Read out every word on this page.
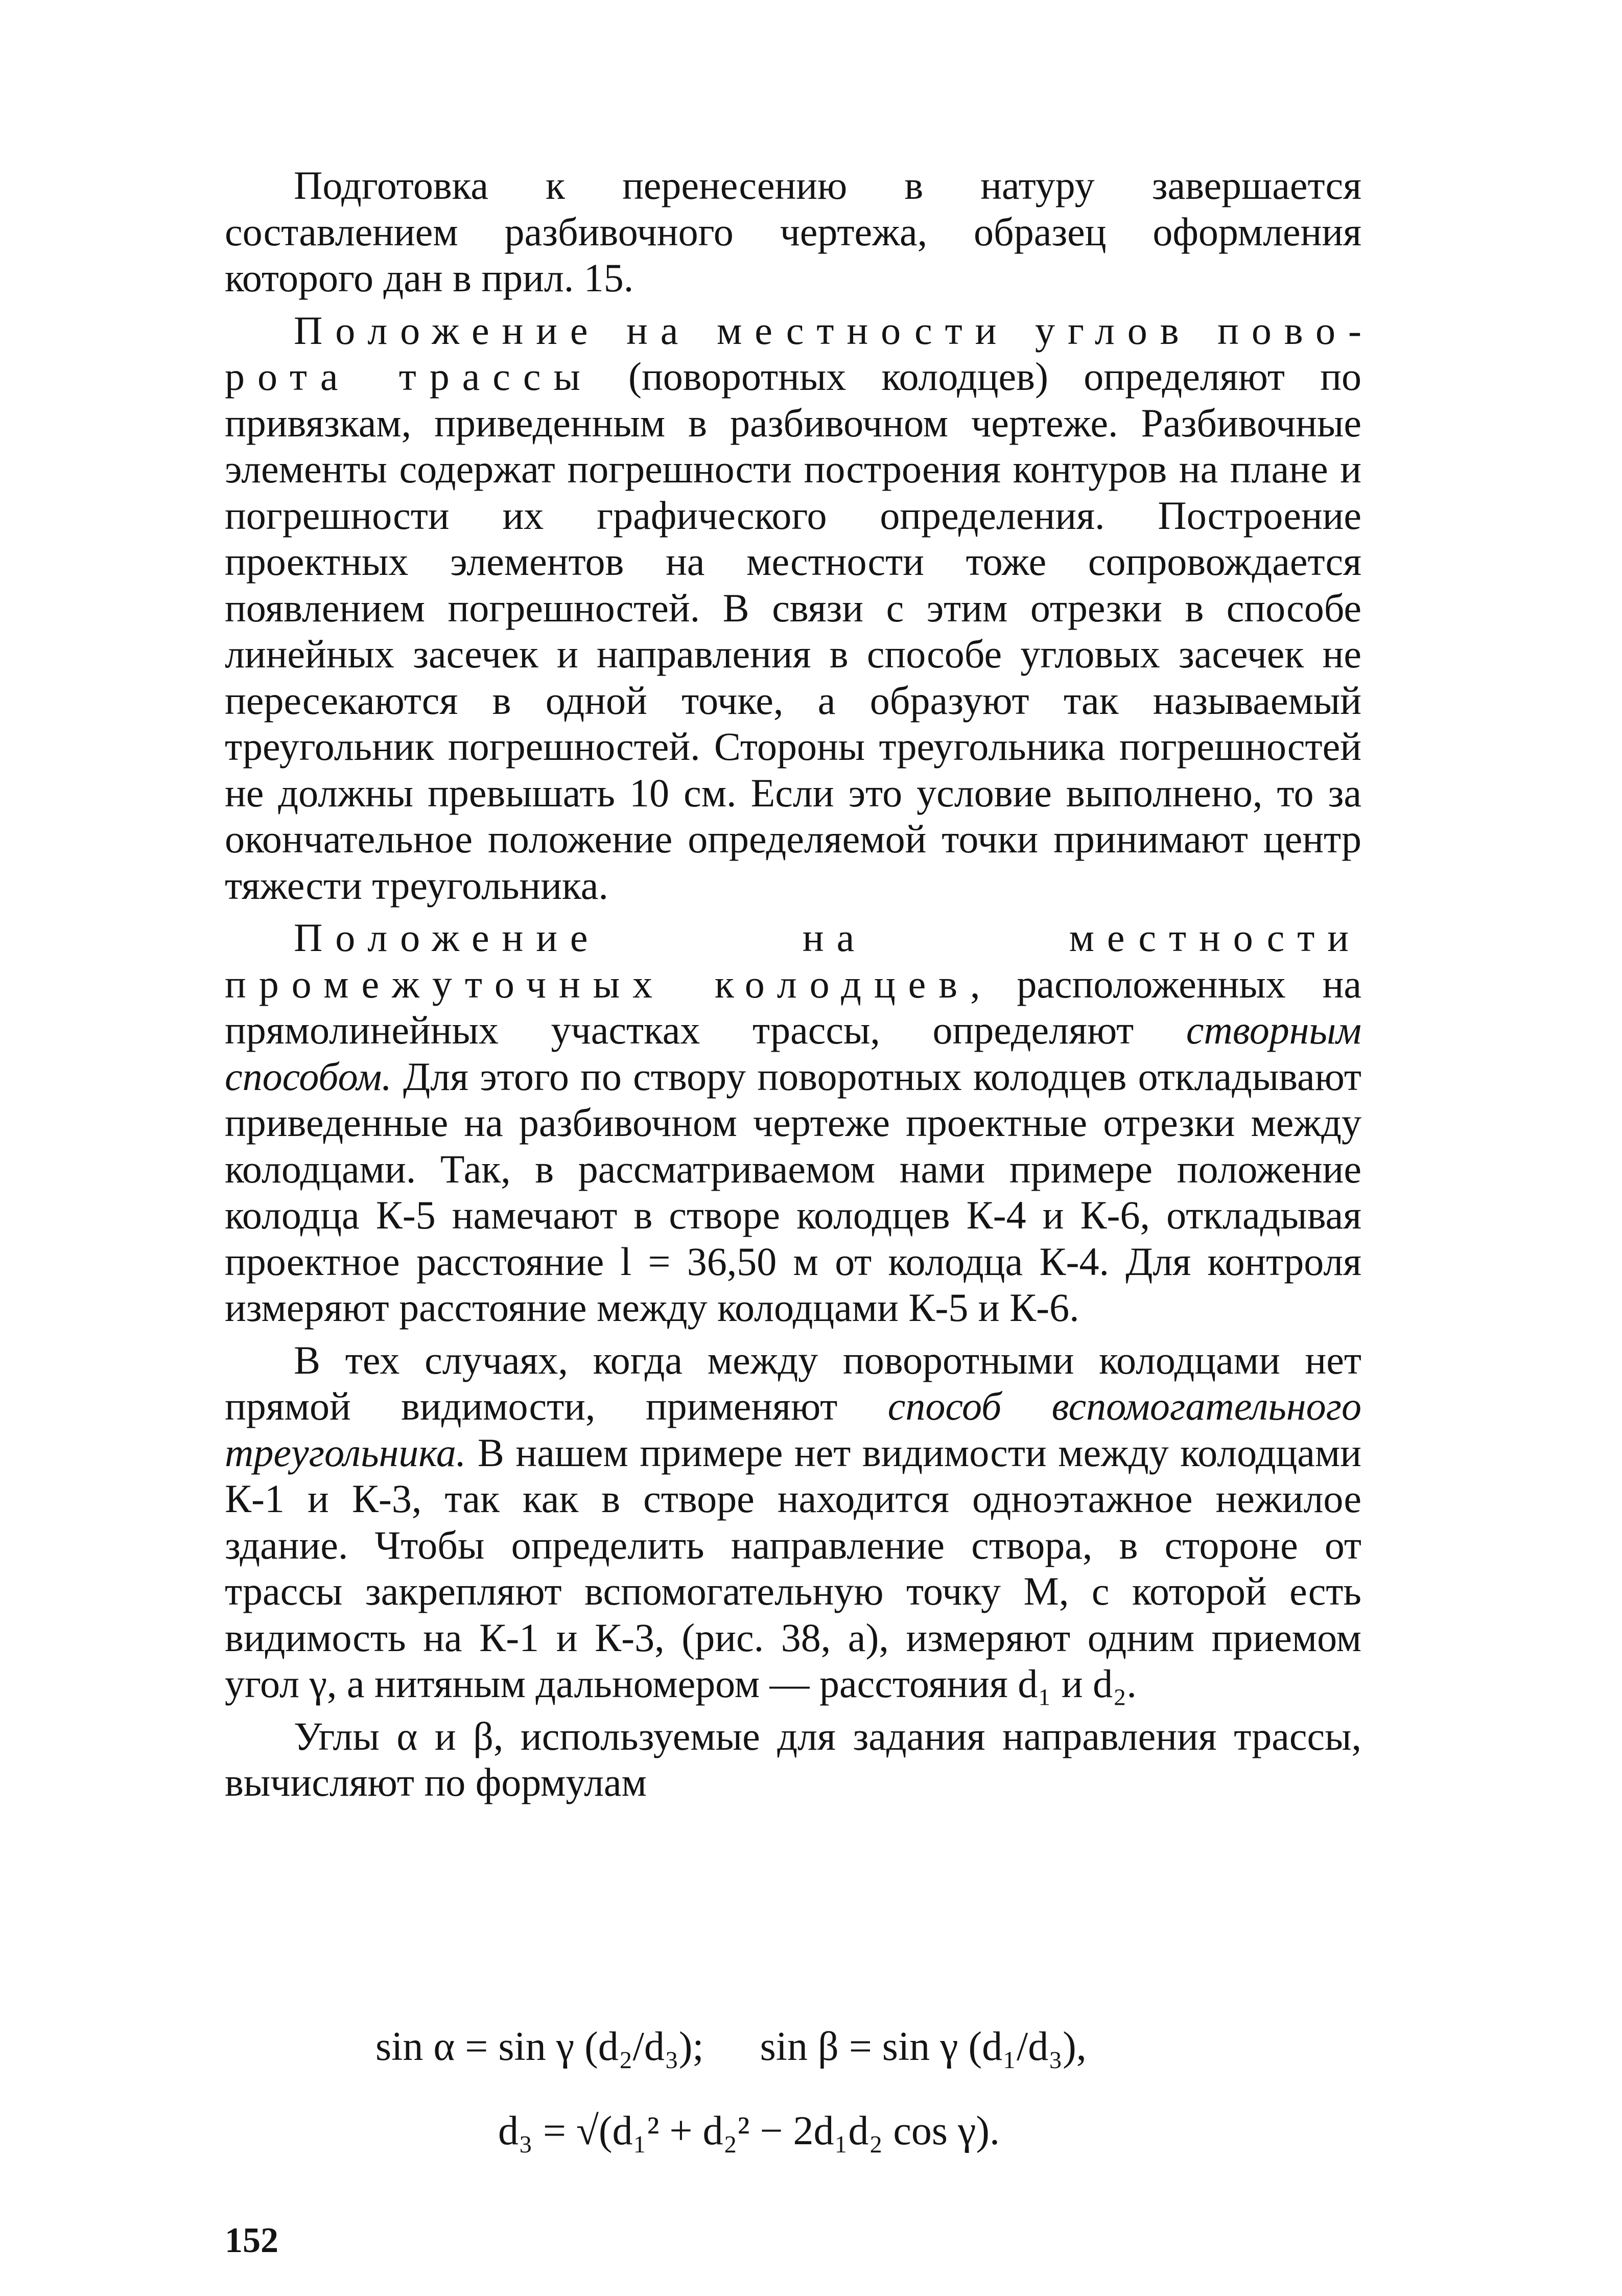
Подготовка к перенесению в натуру завершается составлением разбивочного чертежа, образец оформления которого дан в прил. 15.

Положение на местности углов поворота трассы (поворотных колодцев) определяют по привязкам, приведенным в разбивочном чертеже. Разбивочные элементы содержат погрешности построения контуров на плане и погрешности их графического определения. Построение проектных элементов на местности тоже сопровождается появлением погрешностей. В связи с этим отрезки в способе линейных засечек и направления в способе угловых засечек не пересекаются в одной точке, а образуют так называемый треугольник погрешностей. Стороны треугольника погрешностей не должны превышать 10 см. Если это условие выполнено, то за окончательное положение определяемой точки принимают центр тяжести треугольника.

Положение на местности промежуточных колодцев, расположенных на прямолинейных участках трассы, определяют створным способом. Для этого по створу поворотных колодцев откладывают приведенные на разбивочном чертеже проектные отрезки между колодцами. Так, в рассматриваемом нами примере положение колодца К-5 намечают в створе колодцев К-4 и К-6, откладывая проектное расстояние l = 36,50 м от колодца К-4. Для контроля измеряют расстояние между колодцами К-5 и К-6.

В тех случаях, когда между поворотными колодцами нет прямой видимости, применяют способ вспомогательного треугольника. В нашем примере нет видимости между колодцами К-1 и К-3, так как в створе находится одноэтажное нежилое здание. Чтобы определить направление створа, в стороне от трассы закрепляют вспомогательную точку М, с которой есть видимость на К-1 и К-3, (рис. 38, а), измеряют одним приемом угол γ, а нитяным дальномером — расстояния d₁ и d₂.

Углы α и β, используемые для задания направления трассы, вычисляют по формулам

sin α = sin γ (d₂/d₃); sin β = sin γ (d₁/d₃),
d₃ = √(d₁² + d₂² − 2d₁d₂ cos γ).
152
